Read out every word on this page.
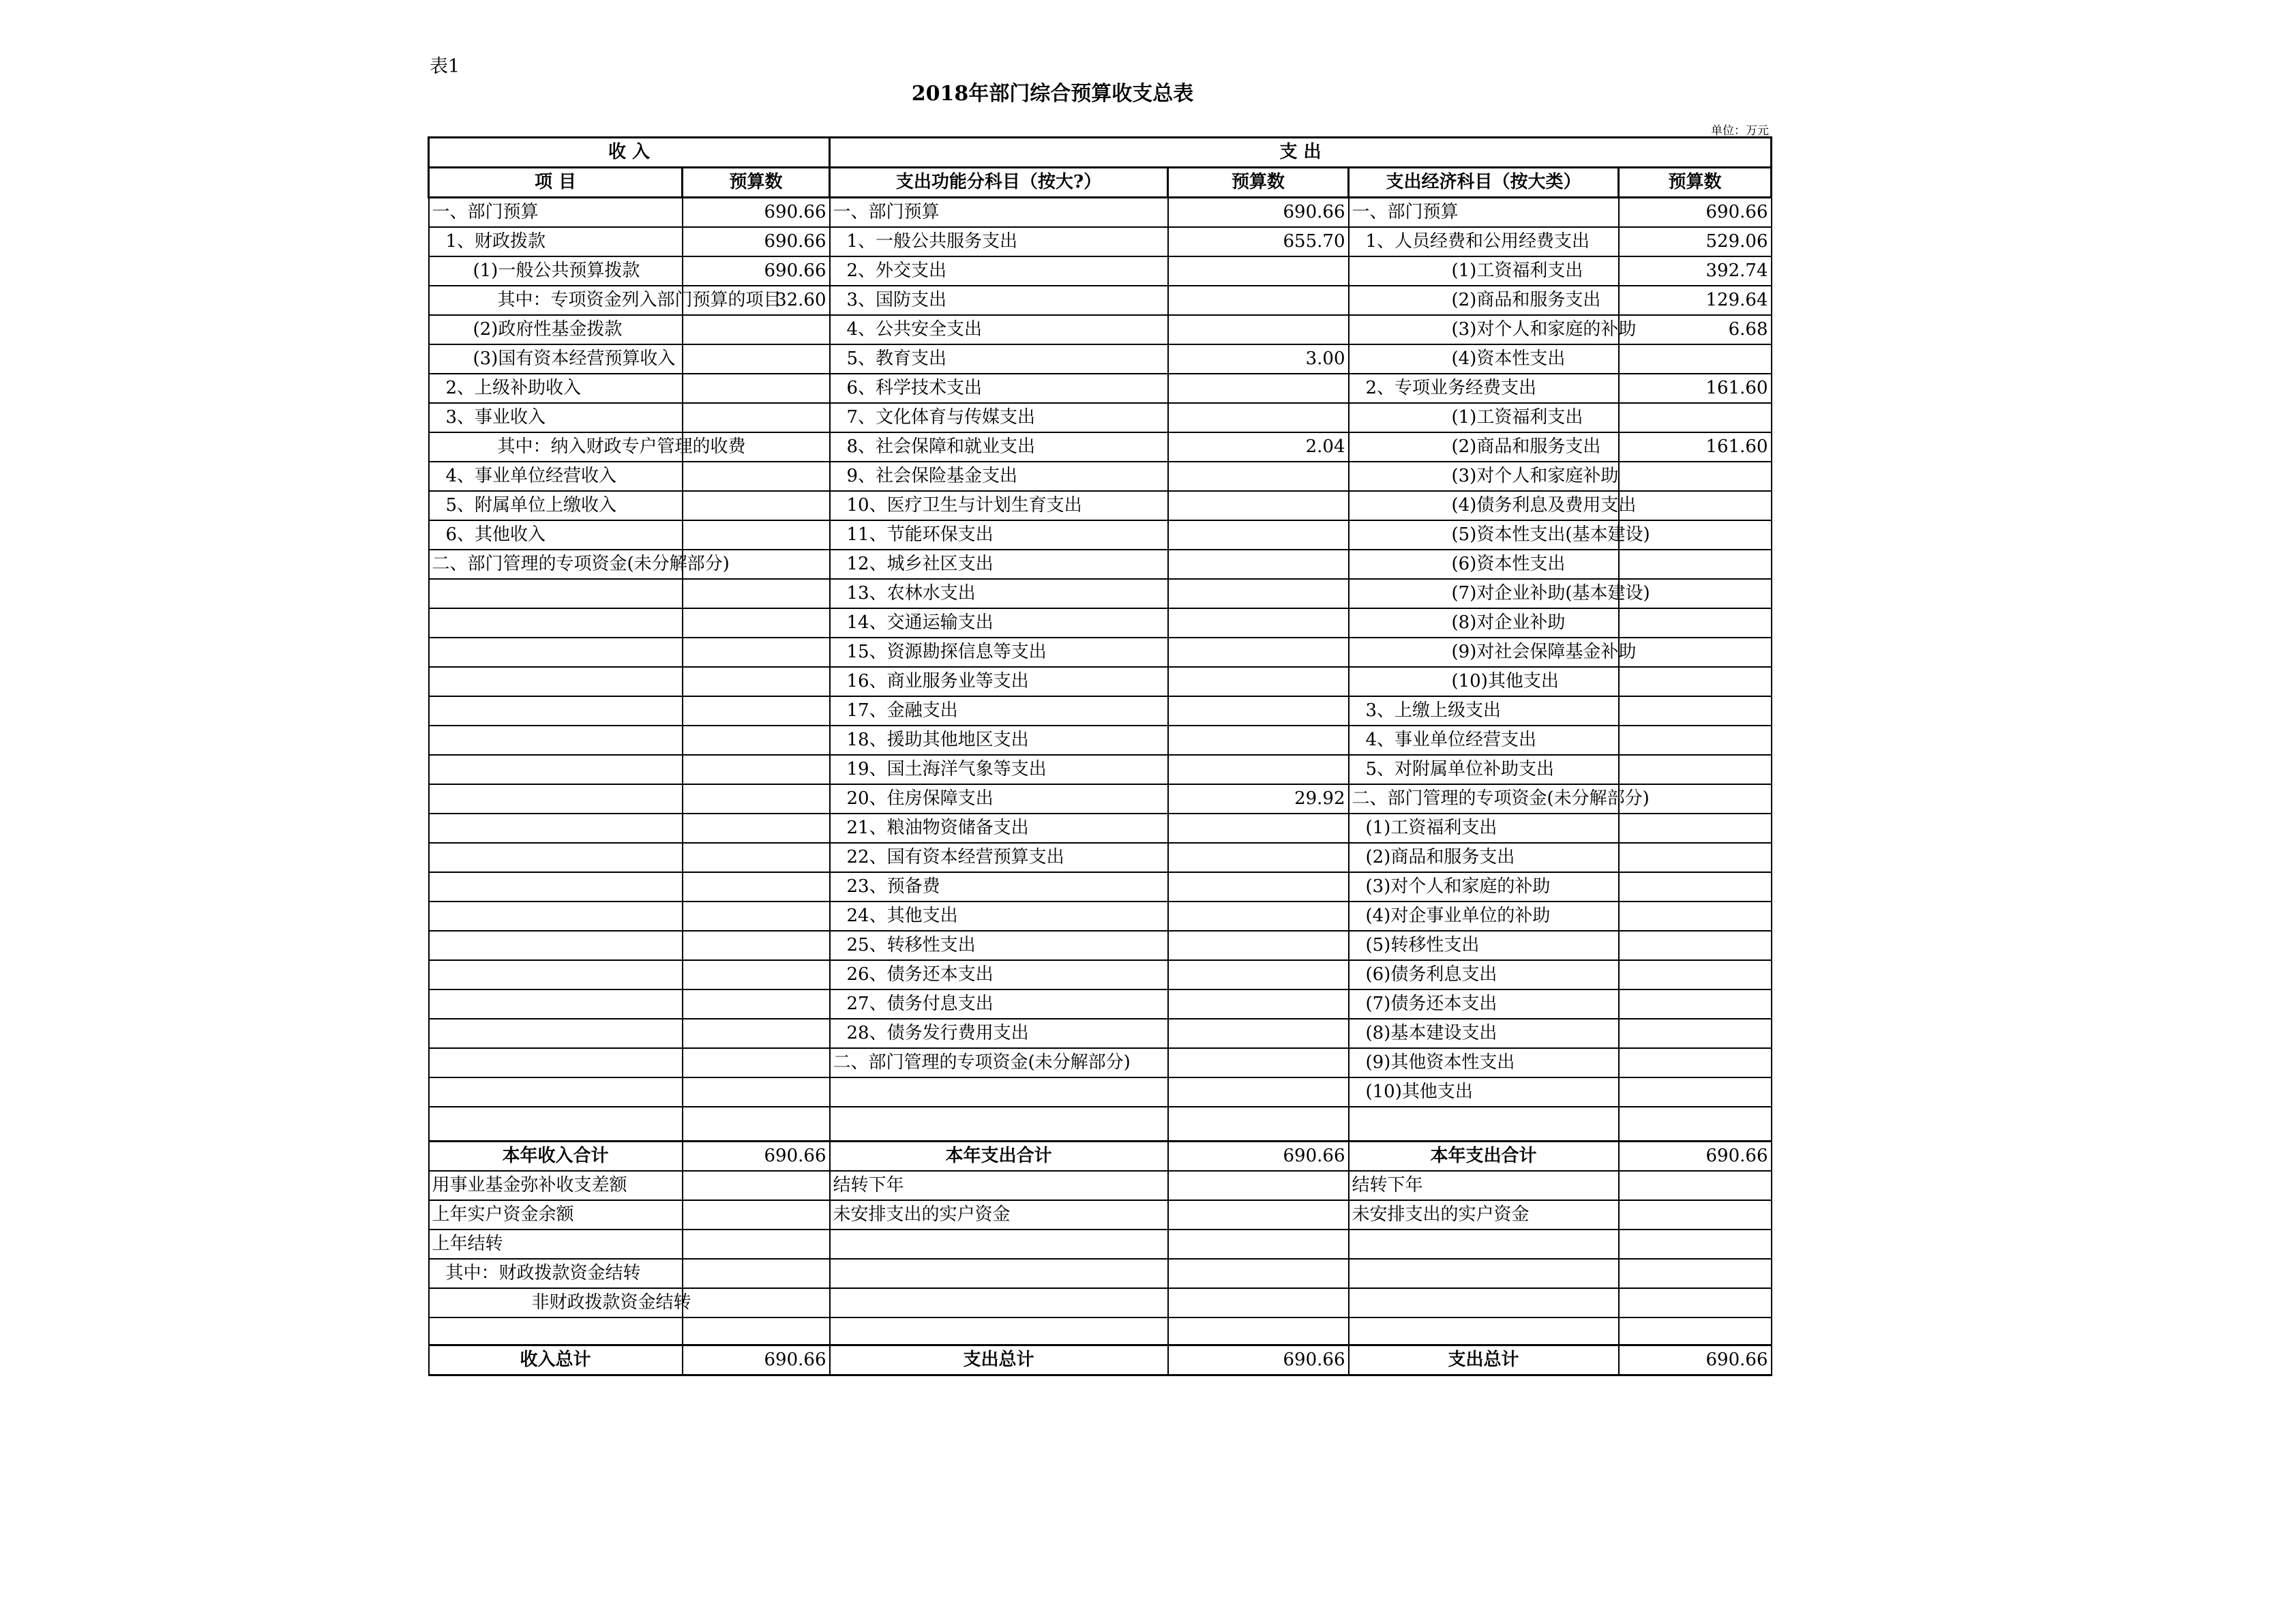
表1
2018年部门综合预算收支总表
单位：万元
收 入		支 出			
项 目	预算数	支出功能分科目（按大?）	预算数	支出经济科目（按大类）	预算数
一、部门预算	690.66	一、部门预算	690.66	一、部门预算	690.66
1、财政拨款	690.66	1、一般公共服务支出	655.70	1、人员经费和公用经费支出	529.06
(1)一般公共预算拨款	690.66	2、外交支出		(1)工资福利支出	392.74
其中：专项资金列入部门预算的项目	32.60	3、国防支出		(2)商品和服务支出	129.64
(2)政府性基金拨款		4、公共安全支出		(3)对个人和家庭的补助	6.68
(3)国有资本经营预算收入		5、教育支出	3.00	(4)资本性支出	
2、上级补助收入		6、科学技术支出		2、专项业务经费支出	161.60
3、事业收入		7、文化体育与传媒支出		(1)工资福利支出	
其中：纳入财政专户管理的收费		8、社会保障和就业支出	2.04	(2)商品和服务支出	161.60
4、事业单位经营收入		9、社会保险基金支出		(3)对个人和家庭补助	
5、附属单位上缴收入		10、医疗卫生与计划生育支出		(4)债务利息及费用支出	
6、其他收入		11、节能环保支出		(5)资本性支出(基本建设)	
二、部门管理的专项资金(未分解部分)		12、城乡社区支出		(6)资本性支出	
		13、农林水支出		(7)对企业补助(基本建设)	
		14、交通运输支出		(8)对企业补助	
		15、资源勘探信息等支出		(9)对社会保障基金补助	
		16、商业服务业等支出		(10)其他支出	
		17、金融支出		3、上缴上级支出	
		18、援助其他地区支出		4、事业单位经营支出	
		19、国土海洋气象等支出		5、对附属单位补助支出	
		20、住房保障支出	29.92	二、部门管理的专项资金(未分解部分)	
		21、粮油物资储备支出		(1)工资福利支出	
		22、国有资本经营预算支出		(2)商品和服务支出	
		23、预备费		(3)对个人和家庭的补助	
		24、其他支出		(4)对企事业单位的补助	
		25、转移性支出		(5)转移性支出	
		26、债务还本支出		(6)债务利息支出	
		27、债务付息支出		(7)债务还本支出	
		28、债务发行费用支出		(8)基本建设支出	
		二、部门管理的专项资金(未分解部分)		(9)其他资本性支出	
				(10)其他支出	

本年收入合计	690.66	本年支出合计	690.66	本年支出合计	690.66
用事业基金弥补收支差额		结转下年		结转下年	
上年实户资金余额		未安排支出的实户资金		未安排支出的实户资金	
上年结转					
其中：财政拨款资金结转					
非财政拨款资金结转					

收入总计	690.66	支出总计	690.66	支出总计	690.66
